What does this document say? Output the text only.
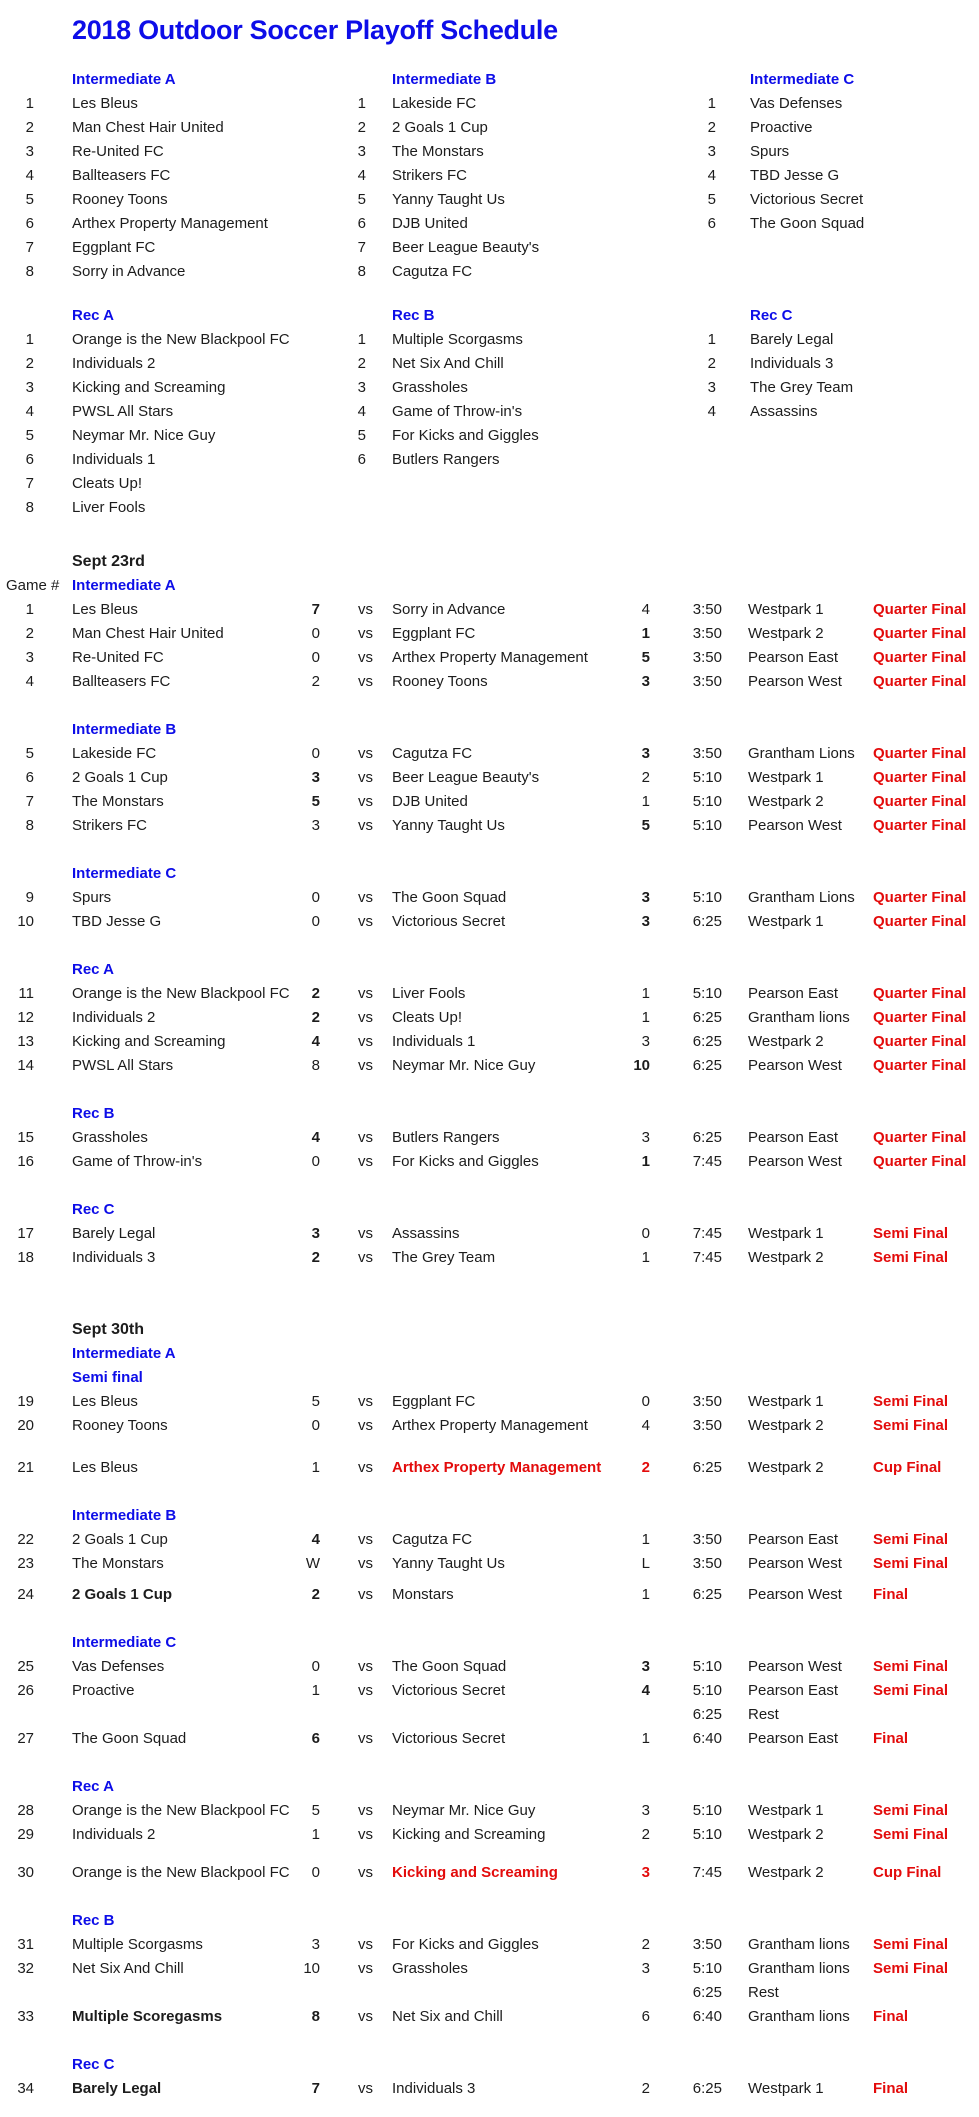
2018 Outdoor Soccer Playoff Schedule
Intermediate A	Intermediate B	Intermediate C
1	Les Bleus	1	Lakeside FC	1	Vas Defenses
2	Man Chest Hair United	2	2 Goals 1 Cup	2	Proactive
3	Re-United FC	3	The Monstars	3	Spurs
4	Ballteasers FC	4	Strikers FC	4	TBD Jesse G
5	Rooney Toons	5	Yanny Taught Us	5	Victorious Secret
6	Arthex Property Management	6	DJB United	6	The Goon Squad
7	Eggplant FC	7	Beer League Beauty's
8	Sorry in Advance	8	Cagutza FC
Rec A	Rec B	Rec C
1	Orange is the New Blackpool FC	1	Multiple Scorgasms	1	Barely Legal
2	Individuals 2	2	Net Six And Chill	2	Individuals 3
3	Kicking and Screaming	3	Grassholes	3	The Grey Team
4	PWSL All Stars	4	Game of Throw-in's	4	Assassins
5	Neymar Mr. Nice Guy	5	For Kicks and Giggles
6	Individuals 1	6	Butlers Rangers
7	Cleats Up!
8	Liver Fools
Sept 23rd
Game # Intermediate A
1	Les Bleus	7	vs	Sorry in Advance	4	3:50	Westpark 1	Quarter Final
2	Man Chest Hair United	0	vs	Eggplant FC	1	3:50	Westpark 2	Quarter Final
3	Re-United FC	0	vs	Arthex Property Management	5	3:50	Pearson East	Quarter Final
4	Ballteasers FC	2	vs	Rooney Toons	3	3:50	Pearson West	Quarter Final
Intermediate B
5	Lakeside FC	0	vs	Cagutza FC	3	3:50	Grantham Lions	Quarter Final
6	2 Goals 1 Cup	3	vs	Beer League Beauty's	2	5:10	Westpark 1	Quarter Final
7	The Monstars	5	vs	DJB United	1	5:10	Westpark 2	Quarter Final
8	Strikers FC	3	vs	Yanny Taught Us	5	5:10	Pearson West	Quarter Final
Intermediate C
9	Spurs	0	vs	The Goon Squad	3	5:10	Grantham Lions	Quarter Final
10	TBD Jesse G	0	vs	Victorious Secret	3	6:25	Westpark 1	Quarter Final
Rec A
11	Orange is the New Blackpool FC	2	vs	Liver Fools	1	5:10	Pearson East	Quarter Final
12	Individuals 2	2	vs	Cleats Up!	1	6:25	Grantham lions	Quarter Final
13	Kicking and Screaming	4	vs	Individuals 1	3	6:25	Westpark 2	Quarter Final
14	PWSL All Stars	8	vs	Neymar Mr. Nice Guy	10	6:25	Pearson West	Quarter Final
Rec B
15	Grassholes	4	vs	Butlers Rangers	3	6:25	Pearson East	Quarter Final
16	Game of Throw-in's	0	vs	For Kicks and Giggles	1	7:45	Pearson West	Quarter Final
Rec C
17	Barely Legal	3	vs	Assassins	0	7:45	Westpark 1	Semi Final
18	Individuals 3	2	vs	The Grey Team	1	7:45	Westpark 2	Semi Final
Sept 30th
Intermediate A
Semi final
19	Les Bleus	5	vs	Eggplant FC	0	3:50	Westpark 1	Semi Final
20	Rooney Toons	0	vs	Arthex Property Management	4	3:50	Westpark 2	Semi Final
21	Les Bleus	1	vs	Arthex Property Management	2	6:25	Westpark 2	Cup Final
Intermediate B
22	2 Goals 1 Cup	4	vs	Cagutza FC	1	3:50	Pearson East	Semi Final
23	The Monstars	W	vs	Yanny Taught Us	L	3:50	Pearson West	Semi Final
24	2 Goals 1 Cup	2	vs	Monstars	1	6:25	Pearson West	Final
Intermediate C
25	Vas Defenses	0	vs	The Goon Squad	3	5:10	Pearson West	Semi Final
26	Proactive	1	vs	Victorious Secret	4	5:10	Pearson East	Semi Final
6:25	Rest
27	The Goon Squad	6	vs	Victorious Secret	1	6:40	Pearson East	Final
Rec A
28	Orange is the New Blackpool FC	5	vs	Neymar Mr. Nice Guy	3	5:10	Westpark 1	Semi Final
29	Individuals 2	1	vs	Kicking and Screaming	2	5:10	Westpark 2	Semi Final
30	Orange is the New Blackpool FC	0	vs	Kicking and Screaming	3	7:45	Westpark 2	Cup Final
Rec B
31	Multiple Scorgasms	3	vs	For Kicks and Giggles	2	3:50	Grantham lions	Semi Final
32	Net Six And Chill	10	vs	Grassholes	3	5:10	Grantham lions	Semi Final
6:25	Rest
33	Multiple Scoregasms	8	vs	Net Six and Chill	6	6:40	Grantham lions	Final
Rec C
34	Barely Legal	7	vs	Individuals 3	2	6:25	Westpark 1	Final
